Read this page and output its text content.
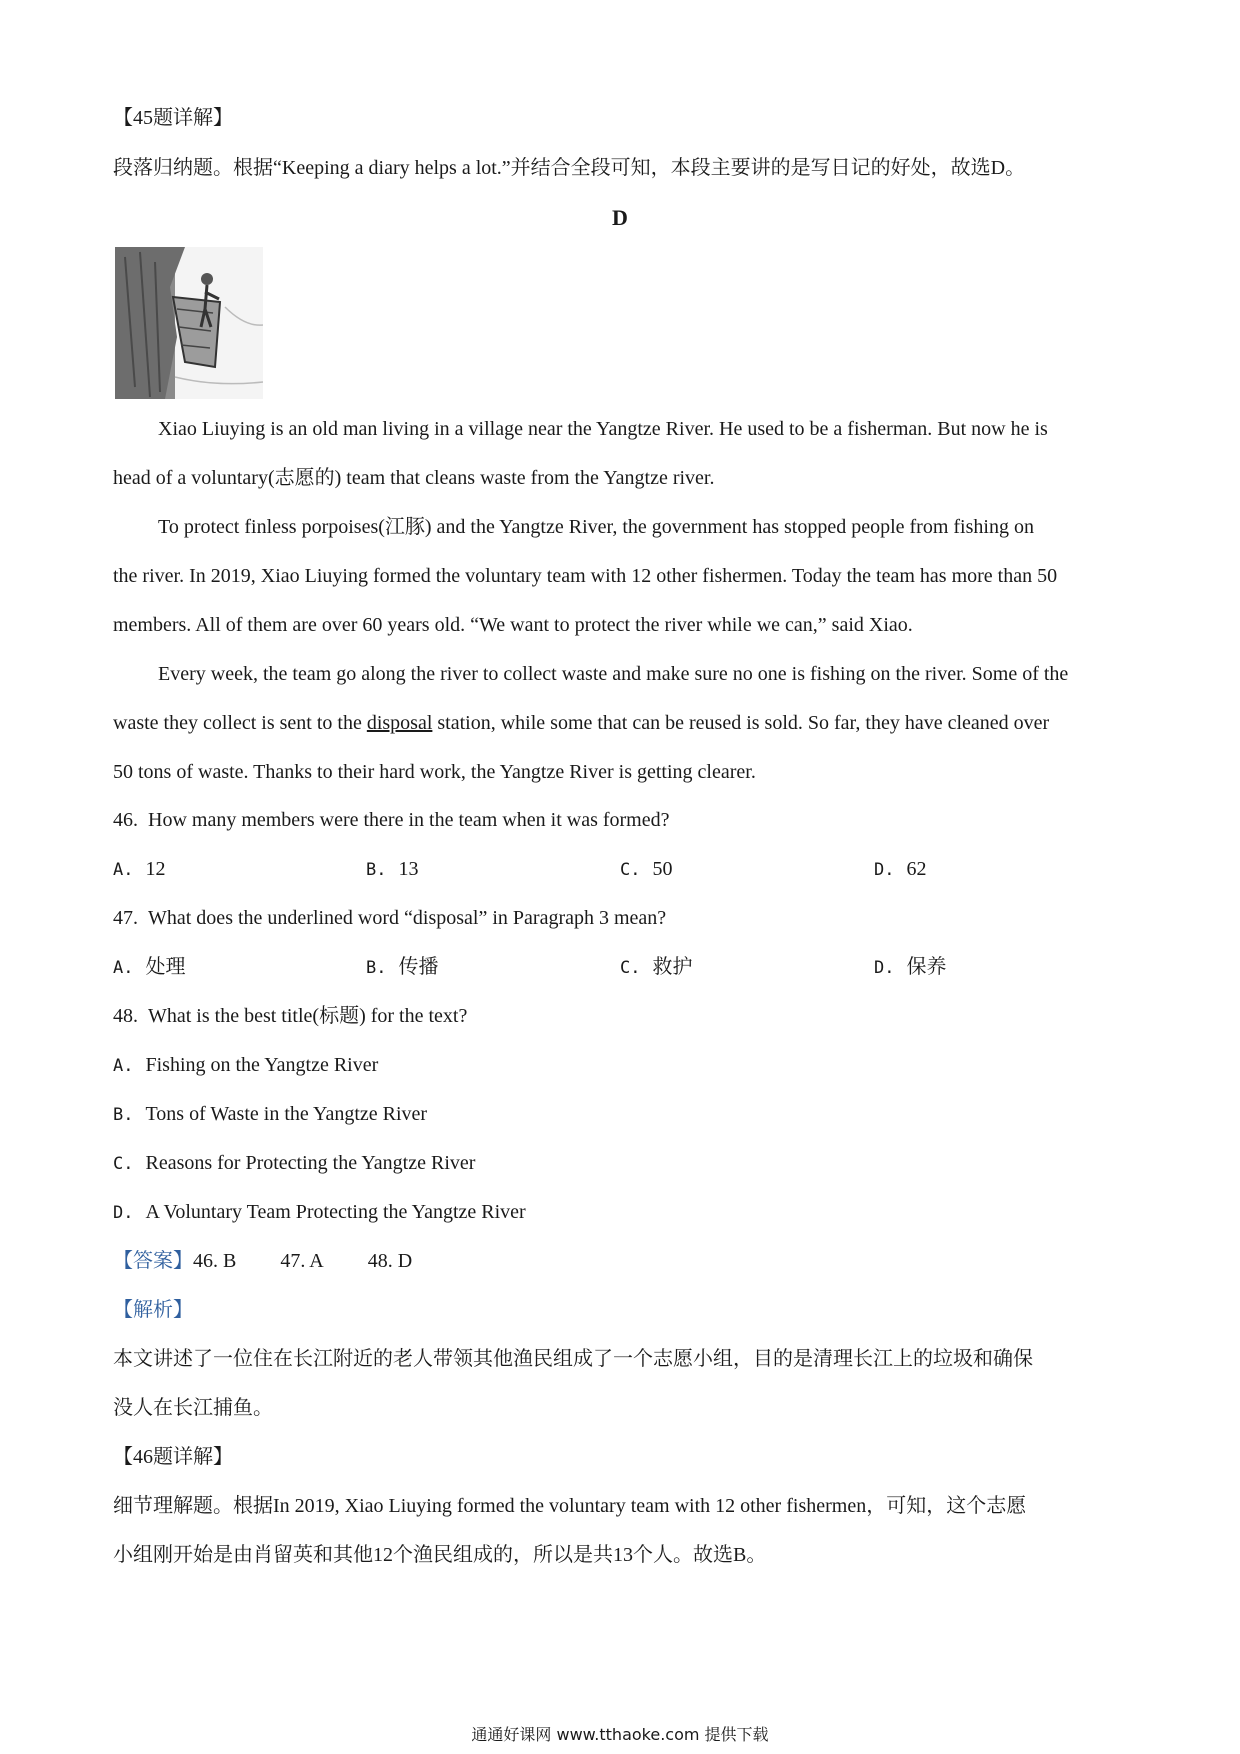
【45题详解】
段落归纳题。根据“Keeping a diary helps a lot.”并结合全段可知，本段主要讲的是写日记的好处，故选D。
D
Xiao Liuying is an old man living in a village near the Yangtze River. He used to be a fisherman. But now he is
head of a voluntary(志愿的) team that cleans waste from the Yangtze river.
To protect finless porpoises(江豚) and the Yangtze River, the government has stopped people from fishing on
the river. In 2019, Xiao Liuying formed the voluntary team with 12 other fishermen. Today the team has more than 50
members. All of them are over 60 years old. “We want to protect the river while we can,” said Xiao.
Every week, the team go along the river to collect waste and make sure no one is fishing on the river. Some of the
waste they collect is sent to the disposal station, while some that can be reused is sold. So far, they have cleaned over
50 tons of waste. Thanks to their hard work, the Yangtze River is getting clearer.
46. How many members were there in the team when it was formed?
A. 12	B. 13	C. 50	D. 62
47. What does the underlined word “disposal” in Paragraph 3 mean?
A. 处理	B. 传播	C. 救护	D. 保养
48. What is the best title(标题) for the text?
A. Fishing on the Yangtze River
B. Tons of Waste in the Yangtze River
C. Reasons for Protecting the Yangtze River
D. A Voluntary Team Protecting the Yangtze River
【答案】46. B 47. A 48. D
【解析】
本文讲述了一位住在长江附近的老人带领其他渔民组成了一个志愿小组，目的是清理长江上的垃圾和确保
没人在长江捕鱼。
【46题详解】
细节理解题。根据In 2019, Xiao Liuying formed the voluntary team with 12 other fishermen，可知，这个志愿
小组刚开始是由肖留英和其他12个渔民组成的，所以是共13个人。故选B。
通通好课网 www.tthaoke.com 提供下载
